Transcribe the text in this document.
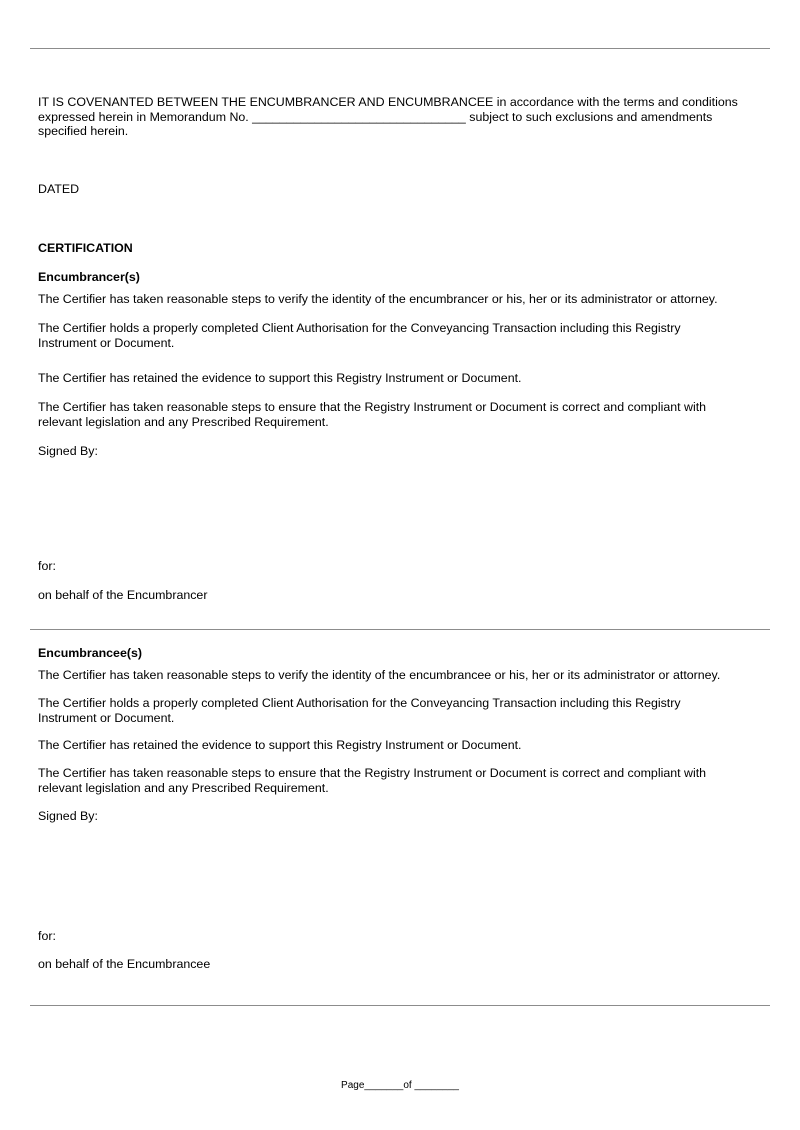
IT IS COVENANTED BETWEEN THE ENCUMBRANCER AND ENCUMBRANCEE in accordance with the terms and conditions
expressed herein in Memorandum No. _______________________________ subject to such exclusions and amendments
specified herein.
DATED
CERTIFICATION
Encumbrancer(s)
The Certifier has taken reasonable steps to verify the identity of the encumbrancer or his, her or its administrator or attorney.
The Certifier holds a properly completed Client Authorisation for the Conveyancing Transaction including this Registry
Instrument or Document.
The Certifier has retained the evidence to support this Registry Instrument or Document.
The Certifier has taken reasonable steps to ensure that the Registry Instrument or Document is correct and compliant with
relevant legislation and any Prescribed Requirement.
Signed By:
for:
on behalf of the Encumbrancer
Encumbrancee(s)
The Certifier has taken reasonable steps to verify the identity of the encumbrancee or his, her or its administrator or attorney.
The Certifier holds a properly completed Client Authorisation for the Conveyancing Transaction including this Registry
Instrument or Document.
The Certifier has retained the evidence to support this Registry Instrument or Document.
The Certifier has taken reasonable steps to ensure that the Registry Instrument or Document is correct and compliant with
relevant legislation and any Prescribed Requirement.
Signed By:
for:
on behalf of the Encumbrancee
Page_______of ________
